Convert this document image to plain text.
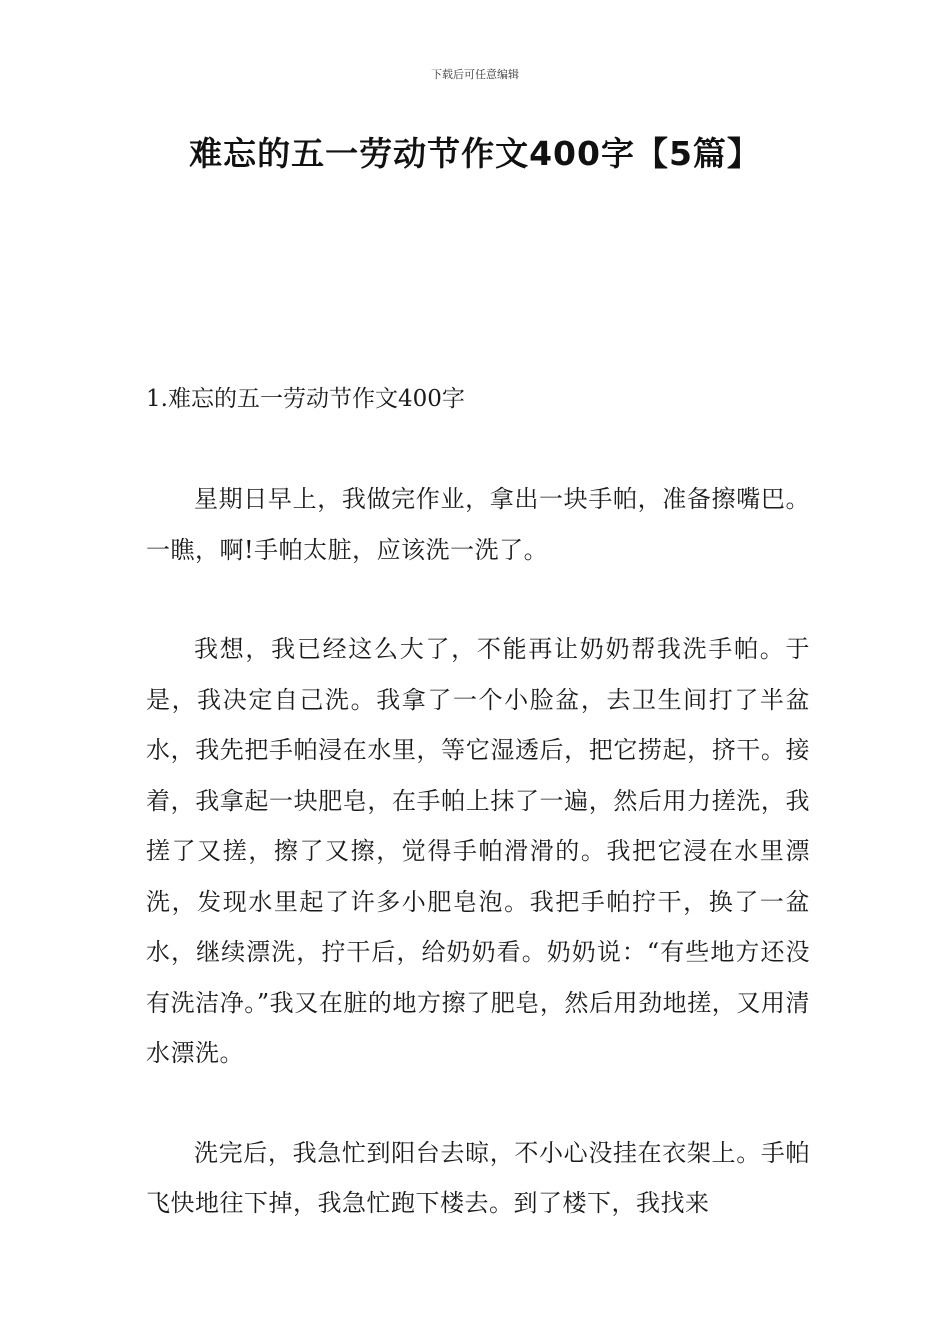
下载后可任意编辑
难忘的五一劳动节作文400字【5篇】
1.难忘的五一劳动节作文400字

星期日早上，我做完作业，拿出一块手帕，准备擦嘴巴。一瞧，啊!手帕太脏，应该洗一洗了。

我想，我已经这么大了，不能再让奶奶帮我洗手帕。于是，我决定自己洗。我拿了一个小脸盆，去卫生间打了半盆水，我先把手帕浸在水里，等它湿透后，把它捞起，挤干。接着，我拿起一块肥皂，在手帕上抹了一遍，然后用力搓洗，我搓了又搓，擦了又擦，觉得手帕滑滑的。我把它浸在水里漂洗，发现水里起了许多小肥皂泡。我把手帕拧干，换了一盆水，继续漂洗，拧干后，给奶奶看。奶奶说：“有些地方还没有洗洁净。”我又在脏的地方擦了肥皂，然后用劲地搓，又用清水漂洗。

洗完后，我急忙到阳台去晾，不小心没挂在衣架上。手帕飞快地往下掉，我急忙跑下楼去。到了楼下，我找来
